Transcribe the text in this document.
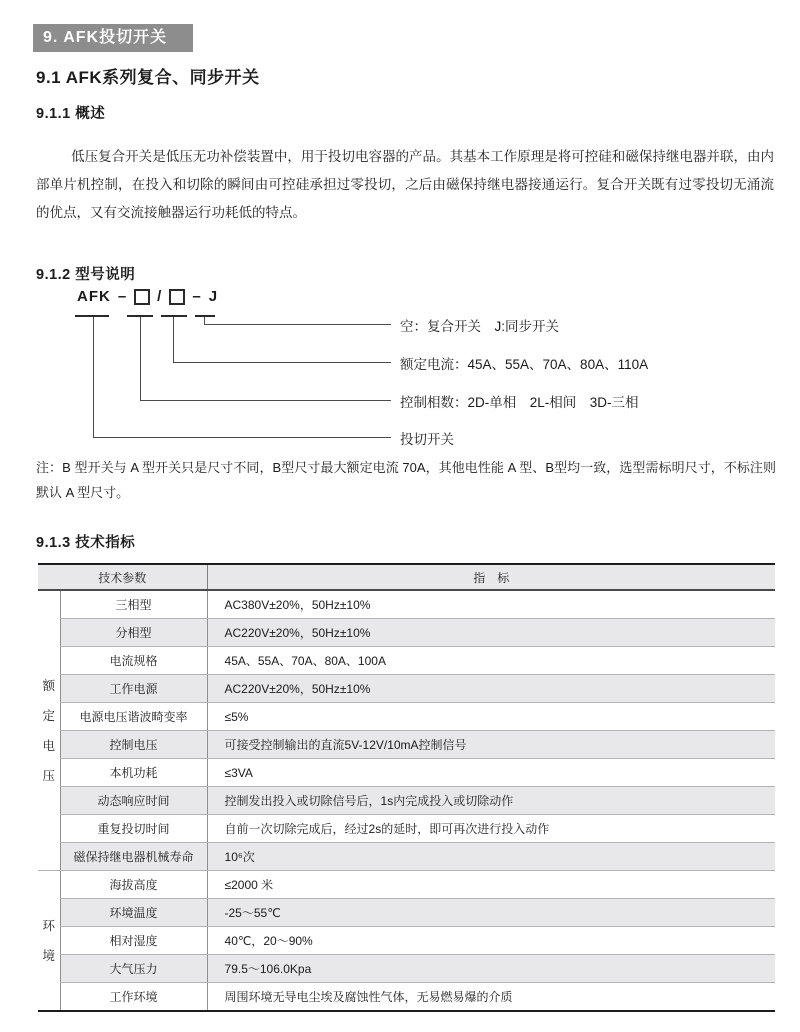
9. AFK投切开关
9.1 AFK系列复合、同步开关
9.1.1 概述
低压复合开关是低压无功补偿装置中，用于投切电容器的产品。其基本工作原理是将可控硅和磁保持继电器并联，由内部单片机控制，在投入和切除的瞬间由可控硅承担过零投切，之后由磁保持继电器接通运行。复合开关既有过零投切无涌流的优点，又有交流接触器运行功耗低的特点。
9.1.2 型号说明
AFK – / – J
空：复合开关　J:同步开关
额定电流：45A、55A、70A、80A、110A
控制相数：2D-单相　2L-相间　3D-三相
投切开关
注：B 型开关与 A 型开关只是尺寸不同，B型尺寸最大额定电流 70A，其他电性能 A 型、B型均一致，选型需标明尺寸，不标注则默认 A 型尺寸。
9.1.3 技术指标
技术参数		指　标
额定电压	三相型	AC380V±20%，50Hz±10%
	分相型	AC220V±20%，50Hz±10%
	电流规格	45A、55A、70A、80A、100A
	工作电源	AC220V±20%，50Hz±10%
	电源电压谐波畸变率	≤5%
	控制电压	可接受控制输出的直流5V-12V/10mA控制信号
	本机功耗	≤3VA
	动态响应时间	控制发出投入或切除信号后，1s内完成投入或切除动作
	重复投切时间	自前一次切除完成后，经过2s的延时，即可再次进行投入动作
	磁保持继电器机械寿命	10⁶次
环境	海拔高度	≤2000 米
	环境温度	-25～55℃
	相对湿度	40℃，20～90%
	大气压力	79.5～106.0Kpa
	工作环境	周围环境无导电尘埃及腐蚀性气体，无易燃易爆的介质
